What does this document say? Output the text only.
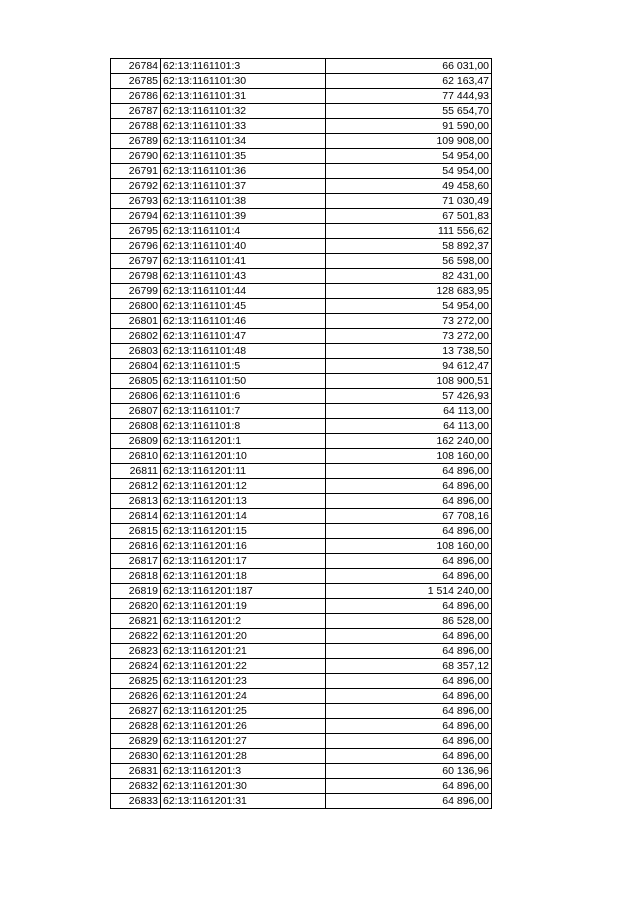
26784	62:13:1161101:3	66 031,00
26785	62:13:1161101:30	62 163,47
26786	62:13:1161101:31	77 444,93
26787	62:13:1161101:32	55 654,70
26788	62:13:1161101:33	91 590,00
26789	62:13:1161101:34	109 908,00
26790	62:13:1161101:35	54 954,00
26791	62:13:1161101:36	54 954,00
26792	62:13:1161101:37	49 458,60
26793	62:13:1161101:38	71 030,49
26794	62:13:1161101:39	67 501,83
26795	62:13:1161101:4	111 556,62
26796	62:13:1161101:40	58 892,37
26797	62:13:1161101:41	56 598,00
26798	62:13:1161101:43	82 431,00
26799	62:13:1161101:44	128 683,95
26800	62:13:1161101:45	54 954,00
26801	62:13:1161101:46	73 272,00
26802	62:13:1161101:47	73 272,00
26803	62:13:1161101:48	13 738,50
26804	62:13:1161101:5	94 612,47
26805	62:13:1161101:50	108 900,51
26806	62:13:1161101:6	57 426,93
26807	62:13:1161101:7	64 113,00
26808	62:13:1161101:8	64 113,00
26809	62:13:1161201:1	162 240,00
26810	62:13:1161201:10	108 160,00
26811	62:13:1161201:11	64 896,00
26812	62:13:1161201:12	64 896,00
26813	62:13:1161201:13	64 896,00
26814	62:13:1161201:14	67 708,16
26815	62:13:1161201:15	64 896,00
26816	62:13:1161201:16	108 160,00
26817	62:13:1161201:17	64 896,00
26818	62:13:1161201:18	64 896,00
26819	62:13:1161201:187	1 514 240,00
26820	62:13:1161201:19	64 896,00
26821	62:13:1161201:2	86 528,00
26822	62:13:1161201:20	64 896,00
26823	62:13:1161201:21	64 896,00
26824	62:13:1161201:22	68 357,12
26825	62:13:1161201:23	64 896,00
26826	62:13:1161201:24	64 896,00
26827	62:13:1161201:25	64 896,00
26828	62:13:1161201:26	64 896,00
26829	62:13:1161201:27	64 896,00
26830	62:13:1161201:28	64 896,00
26831	62:13:1161201:3	60 136,96
26832	62:13:1161201:30	64 896,00
26833	62:13:1161201:31	64 896,00
